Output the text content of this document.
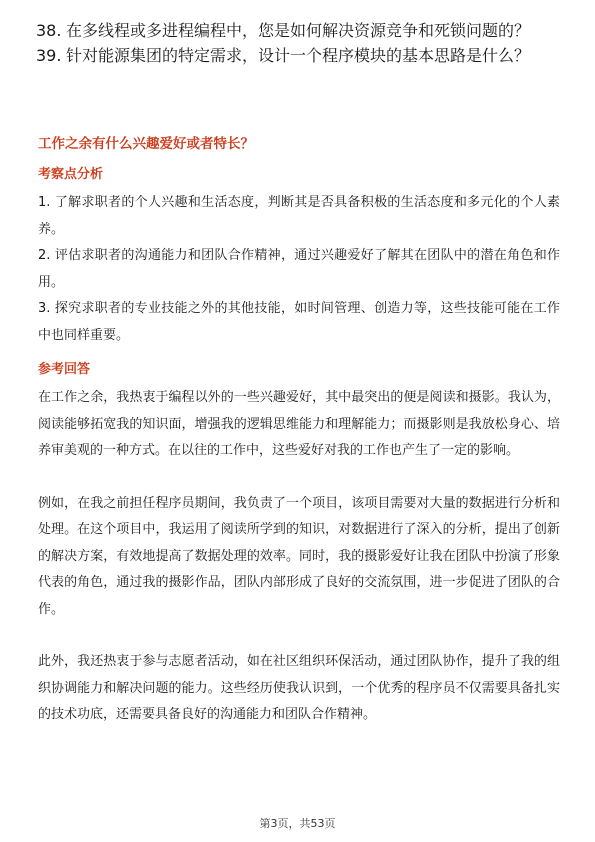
38. 在多线程或多进程编程中，您是如何解决资源竞争和死锁问题的？
39. 针对能源集团的特定需求，设计一个程序模块的基本思路是什么？
工作之余有什么兴趣爱好或者特长？
考察点分析

1. 了解求职者的个人兴趣和生活态度，判断其是否具备积极的生活态度和多元化的个人素养。

2. 评估求职者的沟通能力和团队合作精神，通过兴趣爱好了解其在团队中的潜在角色和作用。

3. 探究求职者的专业技能之外的其他技能，如时间管理、创造力等，这些技能可能在工作中也同样重要。

参考回答

在工作之余，我热衷于编程以外的一些兴趣爱好，其中最突出的便是阅读和摄影。我认为，阅读能够拓宽我的知识面，增强我的逻辑思维能力和理解能力；而摄影则是我放松身心、培养审美观的一种方式。在以往的工作中，这些爱好对我的工作也产生了一定的影响。

例如，在我之前担任程序员期间，我负责了一个项目，该项目需要对大量的数据进行分析和处理。在这个项目中，我运用了阅读所学到的知识，对数据进行了深入的分析，提出了创新的解决方案，有效地提高了数据处理的效率。同时，我的摄影爱好让我在团队中扮演了形象代表的角色，通过我的摄影作品，团队内部形成了良好的交流氛围，进一步促进了团队的合作。

此外，我还热衷于参与志愿者活动，如在社区组织环保活动，通过团队协作，提升了我的组织协调能力和解决问题的能力。这些经历使我认识到，一个优秀的程序员不仅需要具备扎实的技术功底，还需要具备良好的沟通能力和团队合作精神。

第3页，共53页
